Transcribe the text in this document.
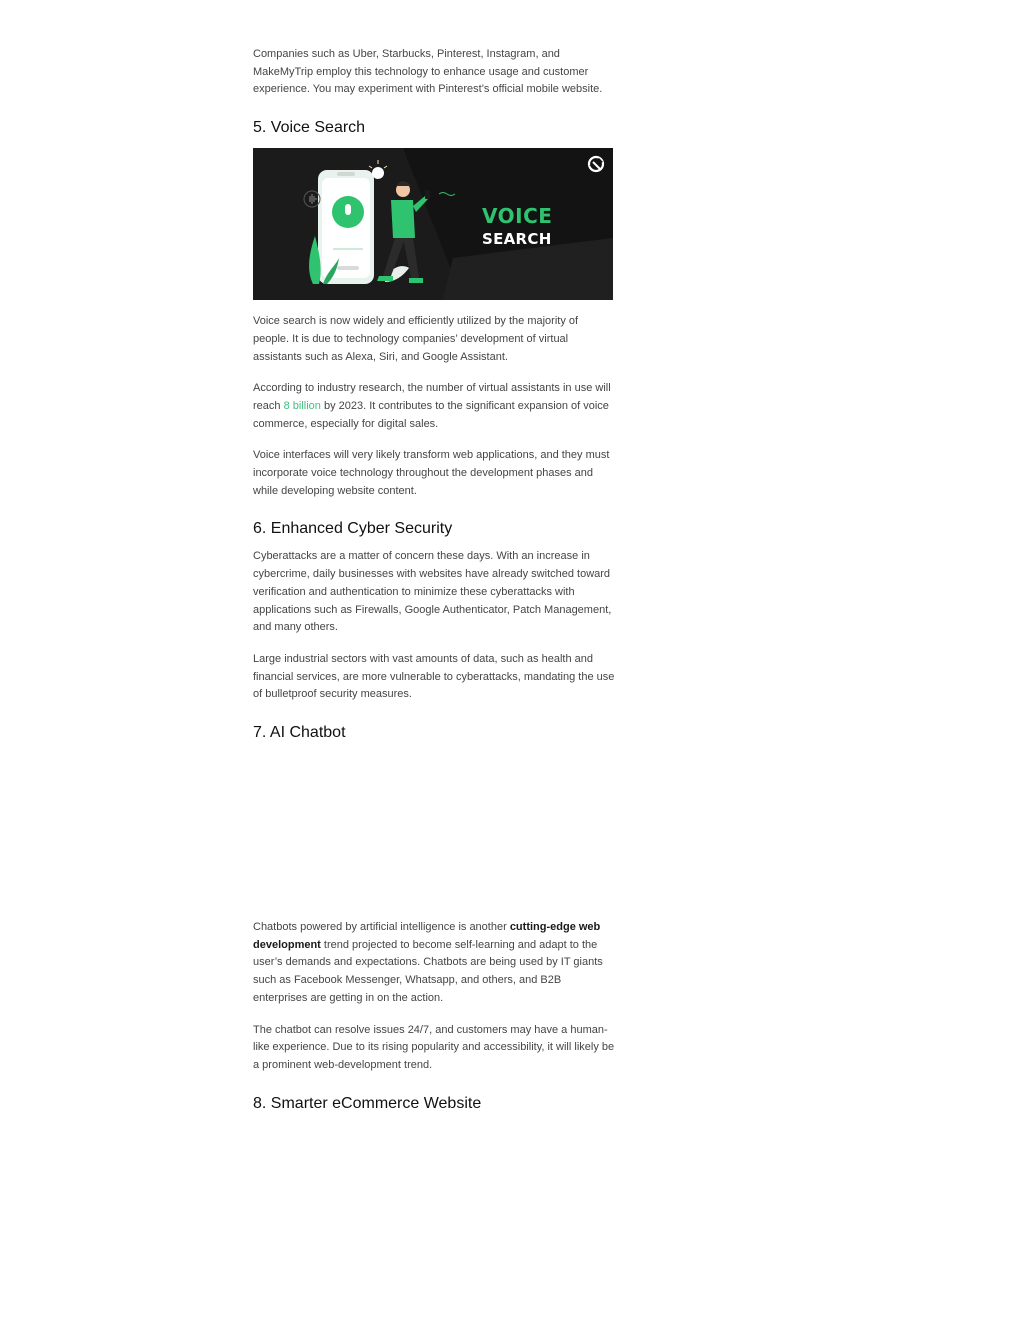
Companies such as Uber, Starbucks, Pinterest, Instagram, and MakeMyTrip employ this technology to enhance usage and customer experience. You may experiment with Pinterest’s official mobile website.

5. Voice Search
VOICE
SEARCH

Voice search is now widely and efficiently utilized by the majority of people. It is due to technology companies’ development of virtual assistants such as Alexa, Siri, and Google Assistant.

According to industry research, the number of virtual assistants in use will reach 8 billion by 2023. It contributes to the significant expansion of voice commerce, especially for digital sales.

Voice interfaces will very likely transform web applications, and they must incorporate voice technology throughout the development phases and while developing website content.

6. Enhanced Cyber Security

Cyberattacks are a matter of concern these days. With an increase in cybercrime, daily businesses with websites have already switched toward verification and authentication to minimize these cyberattacks with applications such as Firewalls, Google Authenticator, Patch Management, and many others.

Large industrial sectors with vast amounts of data, such as health and financial services, are more vulnerable to cyberattacks, mandating the use of bulletproof security measures.

7. AI Chatbot

Chatbots powered by artificial intelligence is another cutting-edge web development trend projected to become self-learning and adapt to the user’s demands and expectations. Chatbots are being used by IT giants such as Facebook Messenger, Whatsapp, and others, and B2B enterprises are getting in on the action.

The chatbot can resolve issues 24/7, and customers may have a human-like experience. Due to its rising popularity and accessibility, it will likely be a prominent web-development trend.

8. Smarter eCommerce Website
